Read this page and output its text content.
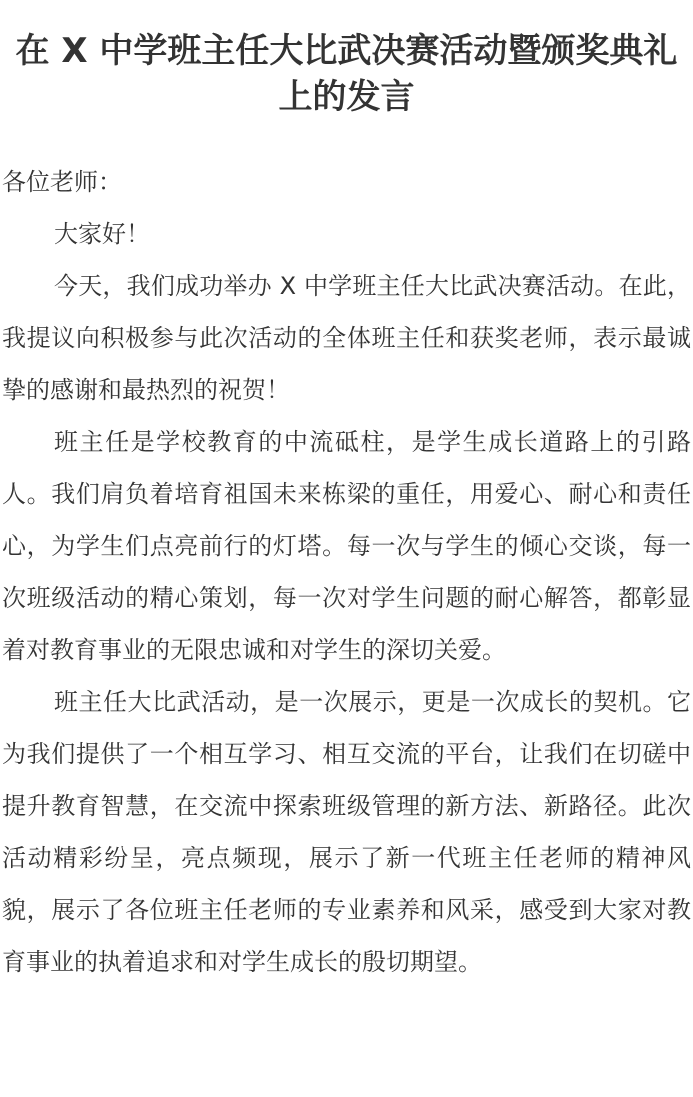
在 X 中学班主任大比武决赛活动暨颁奖典礼上的发言

各位老师：

大家好！

今天，我们成功举办 X 中学班主任大比武决赛活动。在此，我提议向积极参与此次活动的全体班主任和获奖老师，表示最诚挚的感谢和最热烈的祝贺！

班主任是学校教育的中流砥柱，是学生成长道路上的引路人。我们肩负着培育祖国未来栋梁的重任，用爱心、耐心和责任心，为学生们点亮前行的灯塔。每一次与学生的倾心交谈，每一次班级活动的精心策划，每一次对学生问题的耐心解答，都彰显着对教育事业的无限忠诚和对学生的深切关爱。

班主任大比武活动，是一次展示，更是一次成长的契机。它为我们提供了一个相互学习、相互交流的平台，让我们在切磋中提升教育智慧，在交流中探索班级管理的新方法、新路径。此次活动精彩纷呈，亮点频现，展示了新一代班主任老师的精神风貌，展示了各位班主任老师的专业素养和风采，感受到大家对教育事业的执着追求和对学生成长的殷切期望。
